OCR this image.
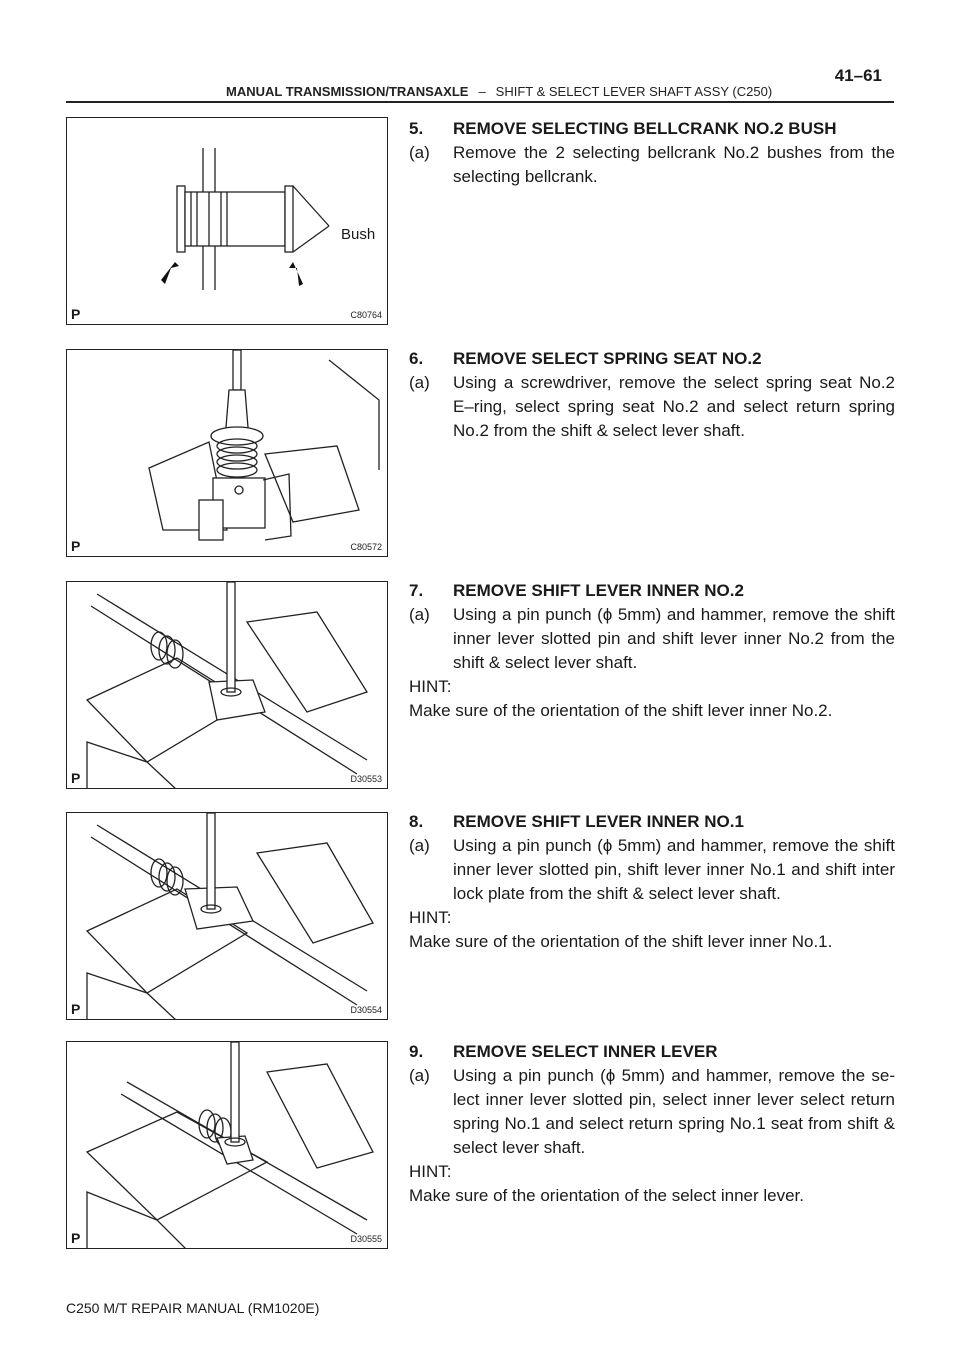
MANUAL TRANSMISSION/TRANSAXLE – SHIFT & SELECT LEVER SHAFT ASSY (C250)
41–61
Bush
P	C80764
P	C80572
P	D30553
P	D30554
P	D30555
5.	REMOVE SELECTING BELLCRANK NO.2 BUSH
(a)	Remove the 2 selecting bellcrank No.2 bushes from the selecting bellcrank.
6.	REMOVE SELECT SPRING SEAT NO.2
(a)	Using a screwdriver, remove the select spring seat No.2 E–ring, select spring seat No.2 and select return spring No.2 from the shift & select lever shaft.
7.	REMOVE SHIFT LEVER INNER NO.2
(a)	Using a pin punch (ϕ 5mm) and hammer, remove the shift inner lever slotted pin and shift lever inner No.2 from the shift & select lever shaft.
HINT:
Make sure of the orientation of the shift lever inner No.2.
8.	REMOVE SHIFT LEVER INNER NO.1
(a)	Using a pin punch (ϕ 5mm) and hammer, remove the shift inner lever slotted pin, shift lever inner No.1 and shift inter lock plate from the shift & select lever shaft.
HINT:
Make sure of the orientation of the shift lever inner No.1.
9.	REMOVE SELECT INNER LEVER
(a)	Using a pin punch (ϕ 5mm) and hammer, remove the se- lect inner lever slotted pin, select inner lever select return spring No.1 and select return spring No.1 seat from shift & select lever shaft.
HINT:
Make sure of the orientation of the select inner lever.
C250 M/T REPAIR MANUAL (RM1020E)
